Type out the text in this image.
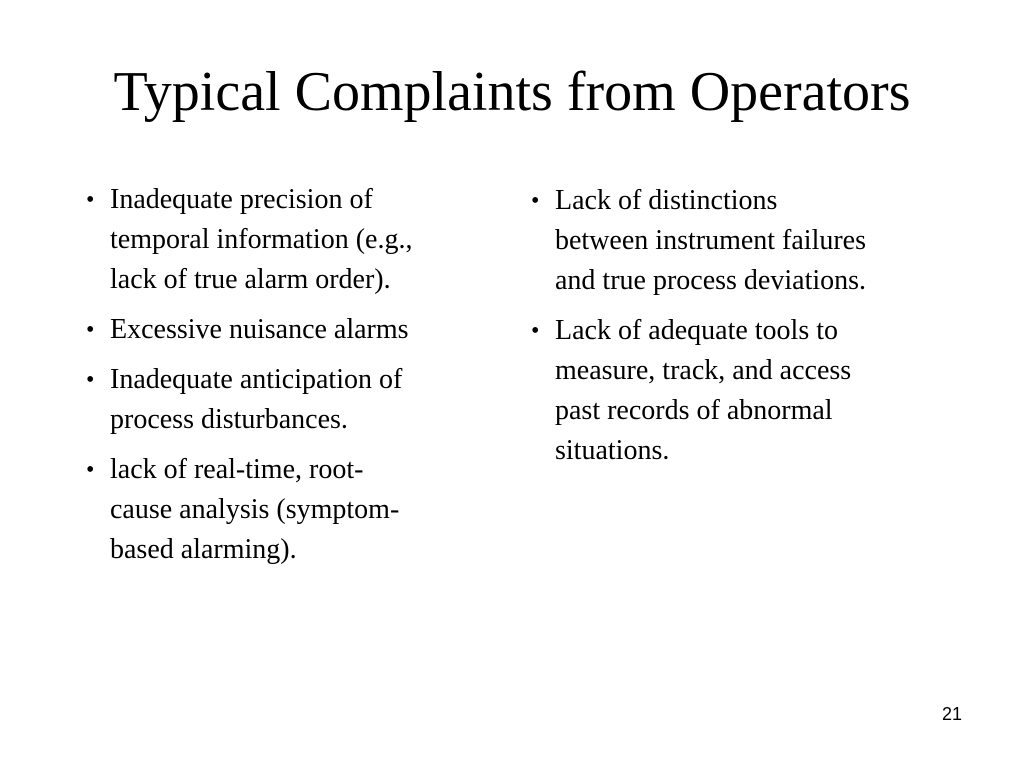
Typical Complaints from Operators
• Inadequate precision of
temporal information (e.g.,
lack of true alarm order).
• Excessive nuisance alarms
• Inadequate anticipation of
process disturbances.
• lack of real-time, root-
cause analysis (symptom-
based alarming).
• Lack of distinctions
between instrument failures
and true process deviations.
• Lack of adequate tools to
measure, track, and access
past records of abnormal
situations.
21
